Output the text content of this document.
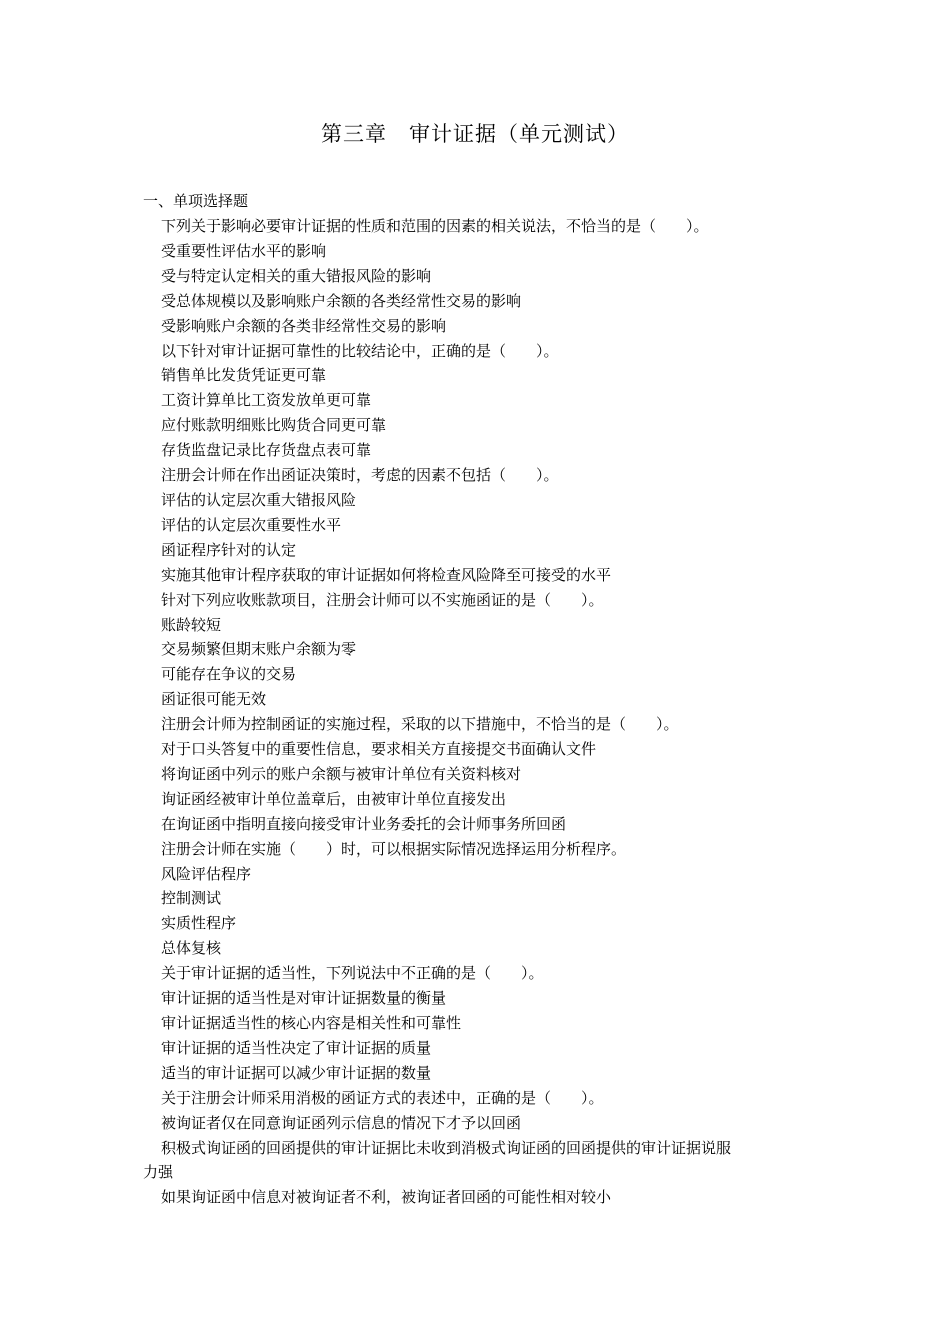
第三章　审计证据（单元测试）
一、单项选择题
下列关于影响必要审计证据的性质和范围的因素的相关说法，不恰当的是（　　）。
受重要性评估水平的影响
受与特定认定相关的重大错报风险的影响
受总体规模以及影响账户余额的各类经常性交易的影响
受影响账户余额的各类非经常性交易的影响
以下针对审计证据可靠性的比较结论中，正确的是（　　）。
销售单比发货凭证更可靠
工资计算单比工资发放单更可靠
应付账款明细账比购货合同更可靠
存货监盘记录比存货盘点表可靠
注册会计师在作出函证决策时，考虑的因素不包括（　　）。
评估的认定层次重大错报风险
评估的认定层次重要性水平
函证程序针对的认定
实施其他审计程序获取的审计证据如何将检查风险降至可接受的水平
针对下列应收账款项目，注册会计师可以不实施函证的是（　　）。
账龄较短
交易频繁但期末账户余额为零
可能存在争议的交易
函证很可能无效
注册会计师为控制函证的实施过程，采取的以下措施中，不恰当的是（　　）。
对于口头答复中的重要性信息，要求相关方直接提交书面确认文件
将询证函中列示的账户余额与被审计单位有关资料核对
询证函经被审计单位盖章后，由被审计单位直接发出
在询证函中指明直接向接受审计业务委托的会计师事务所回函
注册会计师在实施（　　）时，可以根据实际情况选择运用分析程序。
风险评估程序
控制测试
实质性程序
总体复核
关于审计证据的适当性，下列说法中不正确的是（　　）。
审计证据的适当性是对审计证据数量的衡量
审计证据适当性的核心内容是相关性和可靠性
审计证据的适当性决定了审计证据的质量
适当的审计证据可以减少审计证据的数量
关于注册会计师采用消极的函证方式的表述中，正确的是（　　）。
被询证者仅在同意询证函列示信息的情况下才予以回函
积极式询证函的回函提供的审计证据比未收到消极式询证函的回函提供的审计证据说服
力强
如果询证函中信息对被询证者不利，被询证者回函的可能性相对较小
